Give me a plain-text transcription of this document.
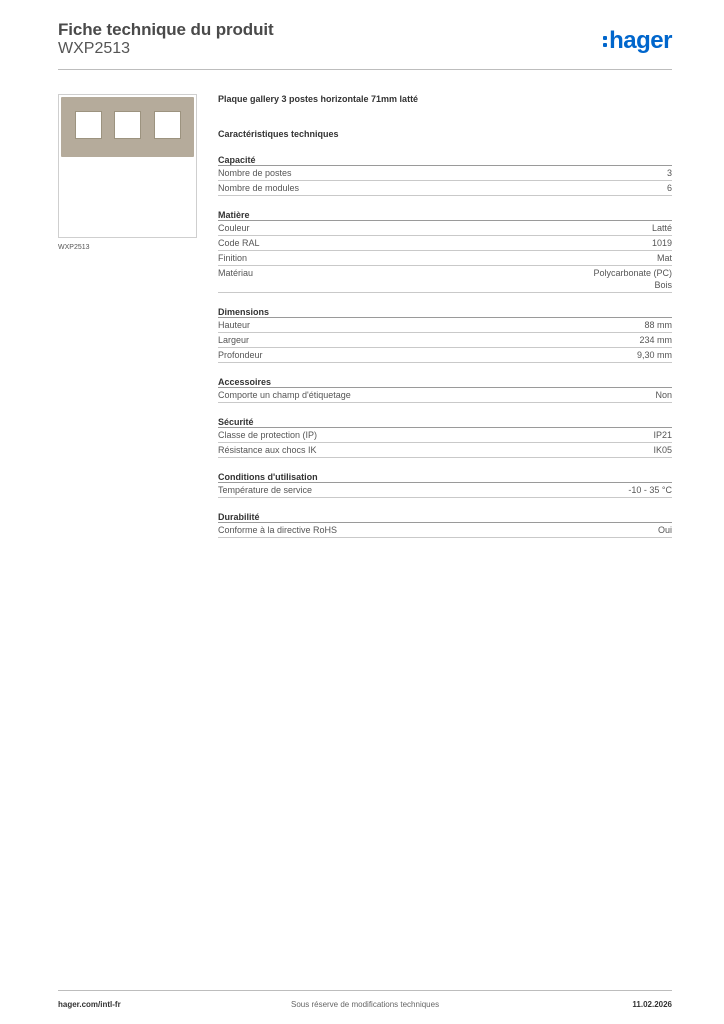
Fiche technique du produit
WXP2513	hager
WXP2513
Plaque gallery 3 postes horizontale 71mm latté
Caractéristiques techniques
Capacité
Nombre de postes	3
Nombre de modules	6
Matière
Couleur	Latté
Code RAL	1019
Finition	Mat
Matériau	Polycarbonate (PC)
Bois
Dimensions
Hauteur	88 mm
Largeur	234 mm
Profondeur	9,30 mm
Accessoires
Comporte un champ d'étiquetage	Non
Sécurité
Classe de protection (IP)	IP21
Résistance aux chocs IK	IK05
Conditions d'utilisation
Température de service	-10 - 35 °C
Durabilité
Conforme à la directive RoHS	Oui
hager.com/intl-fr	Sous réserve de modifications techniques	11.02.2026
